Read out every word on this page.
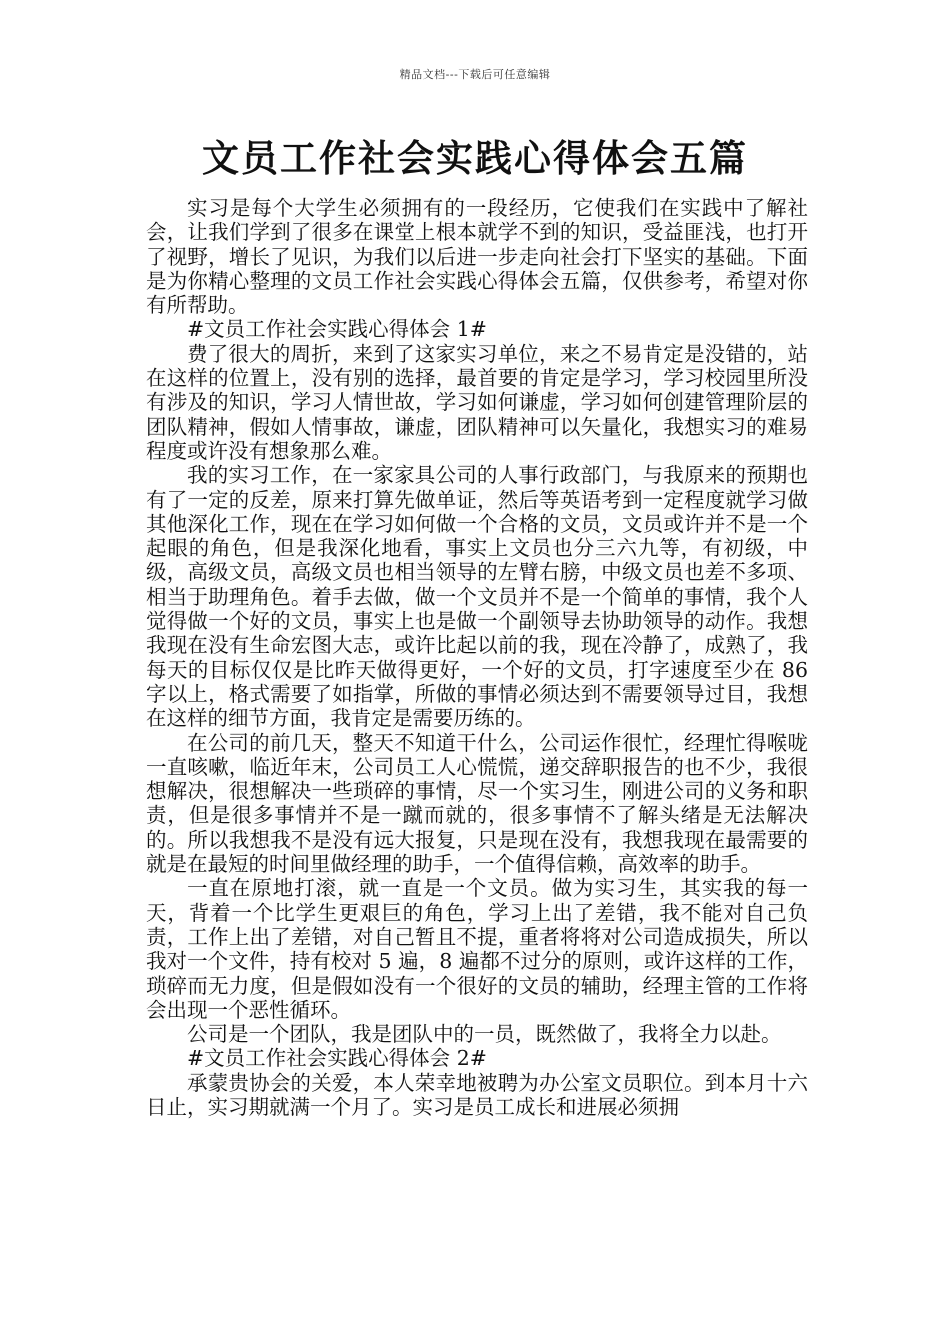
精品文档---下载后可任意编辑
文员工作社会实践心得体会五篇

实习是每个大学生必须拥有的一段经历，它使我们在实践中了解社会，让我们学到了很多在课堂上根本就学不到的知识，受益匪浅，也打开了视野，增长了见识，为我们以后进一步走向社会打下坚实的基础。下面是为你精心整理的文员工作社会实践心得体会五篇，仅供参考，希望对你有所帮助。

#文员工作社会实践心得体会 1#

费了很大的周折，来到了这家实习单位，来之不易肯定是没错的，站在这样的位置上，没有别的选择，最首要的肯定是学习，学习校园里所没有涉及的知识，学习人情世故，学习如何谦虚，学习如何创建管理阶层的团队精神，假如人情事故，谦虚，团队精神可以矢量化，我想实习的难易程度或许没有想象那么难。

我的实习工作，在一家家具公司的人事行政部门，与我原来的预期也有了一定的反差，原来打算先做单证，然后等英语考到一定程度就学习做其他深化工作，现在在学习如何做一个合格的文员，文员或许并不是一个起眼的角色，但是我深化地看，事实上文员也分三六九等，有初级，中级，高级文员，高级文员也相当领导的左臂右膀，中级文员也差不多项、相当于助理角色。着手去做，做一个文员并不是一个简单的事情，我个人觉得做一个好的文员，事实上也是做一个副领导去协助领导的动作。我想我现在没有生命宏图大志，或许比起以前的我，现在冷静了，成熟了，我每天的目标仅仅是比昨天做得更好，一个好的文员，打字速度至少在 86 字以上，格式需要了如指掌，所做的事情必须达到不需要领导过目，我想在这样的细节方面，我肯定是需要历练的。

在公司的前几天，整天不知道干什么，公司运作很忙，经理忙得喉咙一直咳嗽，临近年末，公司员工人心慌慌，递交辞职报告的也不少，我很想解决，很想解决一些琐碎的事情，尽一个实习生，刚进公司的义务和职责，但是很多事情并不是一蹴而就的，很多事情不了解头绪是无法解决的。所以我想我不是没有远大报复，只是现在没有，我想我现在最需要的就是在最短的时间里做经理的助手，一个值得信赖，高效率的助手。

一直在原地打滚，就一直是一个文员。做为实习生，其实我的每一天，背着一个比学生更艰巨的角色，学习上出了差错，我不能对自己负责，工作上出了差错，对自己暂且不提，重者将将对公司造成损失，所以我对一个文件，持有校对 5 遍，8 遍都不过分的原则，或许这样的工作，琐碎而无力度，但是假如没有一个很好的文员的辅助，经理主管的工作将会出现一个恶性循环。

公司是一个团队，我是团队中的一员，既然做了，我将全力以赴。

#文员工作社会实践心得体会 2#

承蒙贵协会的关爱，本人荣幸地被聘为办公室文员职位。到本月十六日止，实习期就满一个月了。实习是员工成长和进展必须拥
